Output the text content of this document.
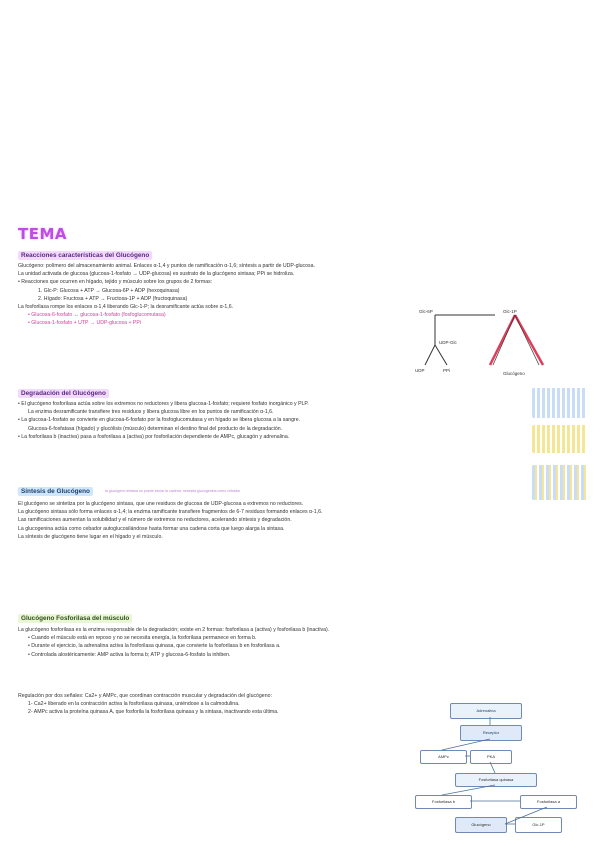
TEMA
Reacciones características del Glucógeno
Glucógeno: polímero del almacenamiento animal. Enlaces α-1,4 y puntos de ramificación α-1,6; síntesis a partir de UDP-glucosa.
La unidad activada de glucosa (glucosa-1-fosfato → UDP-glucosa) es sustrato de la glucógeno sintasa; PPi se hidroliza.
• Reacciones que ocurren en hígado, tejido y músculo sobre los grupos de 2 formas:
1. Glc-P: Glucosa + ATP → Glucosa-6P + ADP (hexoquinasa)
2. Hígado: Fructosa + ATP → Fructosa-1P + ADP (fructoquinasa)
La fosforilasa rompe los enlaces α-1,4 liberando Glc-1-P; la desramificante actúa sobre α-1,6.
• Glucosa-6-fosfato ↔ glucosa-1-fosfato (fosfoglucomutasa)
• Glucosa-1-fosfato + UTP → UDP-glucosa + PPi
Glc-6P	Glc-1P
UDP-Glc
UDP	PPi
Glucógeno
Degradación del Glucógeno
• El glucógeno fosforilasa actúa sobre los extremos no reductores y libera glucosa-1-fosfato; requiere fosfato inorgánico y PLP.
La enzima desramificante transfiere tres residuos y libera glucosa libre en los puntos de ramificación α-1,6.
• La glucosa-1-fosfato se convierte en glucosa-6-fosfato por la fosfoglucomutasa y en hígado se libera glucosa a la sangre.
Glucosa-6-fosfatasa (hígado) y glucólisis (músculo) determinan el destino final del producto de la degradación.
• La fosforilasa b (inactiva) pasa a fosforilasa a (activa) por fosforilación dependiente de AMPc, glucagón y adrenalina.
Síntesis de Glucógeno	la glucógeno sintasa no puede iniciar la cadena: necesita glucogenina como cebador
El glucógeno se sintetiza por la glucógeno sintasa, que une residuos de glucosa de UDP-glucosa a extremos no reductores.
La glucógeno sintasa sólo forma enlaces α-1,4; la enzima ramificante transfiere fragmentos de 6-7 residuos formando enlaces α-1,6.
Las ramificaciones aumentan la solubilidad y el número de extremos no reductores, acelerando síntesis y degradación.
La glucogenina actúa como cebador autoglucosilándose hasta formar una cadena corta que luego alarga la sintasa.
La síntesis de glucógeno tiene lugar en el hígado y el músculo.
Glucógeno Fosforilasa del músculo
La glucógeno fosforilasa es la enzima responsable de la degradación; existe en 2 formas: fosforilasa a (activa) y fosforilasa b (inactiva).
• Cuando el músculo está en reposo y no se necesita energía, la fosforilasa permanece en forma b.
• Durante el ejercicio, la adrenalina activa la fosforilasa quinasa, que convierte la fosforilasa b en fosforilasa a.
• Controlada alostéricamente: AMP activa la forma b; ATP y glucosa-6-fosfato la inhiben.
Regulación por dos señales: Ca2+ y AMPc, que coordinan contracción muscular y degradación del glucógeno:
1- Ca2+ liberado en la contracción activa la fosforilasa quinasa, uniéndose a la calmodulina.
2- AMPc activa la proteína quinasa A, que fosforila la fosforilasa quinasa y la sintasa, inactivando esta última.	Adrenalina
Receptor
AMPc	PKA
Fosforilasa quinasa
Fosforilasa b	Fosforilasa a
Glucógeno	Glc-1P
